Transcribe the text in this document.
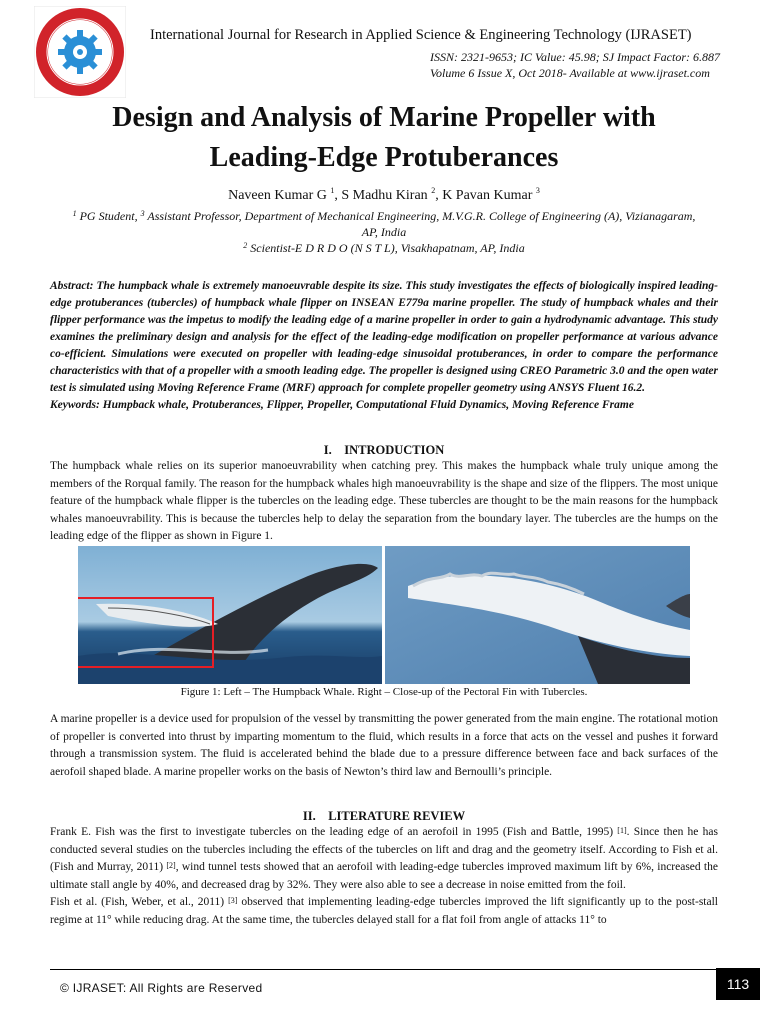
International Journal for Research in Applied Science & Engineering Technology (IJRASET)
ISSN: 2321-9653; IC Value: 45.98; SJ Impact Factor: 6.887
Volume 6 Issue X, Oct 2018- Available at www.ijraset.com
Design and Analysis of Marine Propeller with
Leading-Edge Protuberances
Naveen Kumar G $^1$, S Madhu Kiran $^2$, K Pavan Kumar $^3$
$^1$ PG Student, $^3$ Assistant Professor, Department of Mechanical Engineering, M.V.G.R. College of Engineering (A), Vizianagaram,
AP, India
$^2$ Scientist-E D R D O (N S T L), Visakhapatnam, AP, India

Abstract: The humpback whale is extremely manoeuvrable despite its size. This study investigates the effects of biologically inspired leading-edge protuberances (tubercles) of humpback whale flipper on INSEAN E779a marine propeller. The study of humpback whales and their flipper performance was the impetus to modify the leading edge of a marine propeller in order to gain a hydrodynamic advantage. This study examines the preliminary design and analysis for the effect of the leading-edge modification on propeller performance at various advance co-efficient. Simulations were executed on propeller with leading-edge sinusoidal protuberances, in order to compare the performance characteristics with that of a propeller with a smooth leading edge. The propeller is designed using CREO Parametric 3.0 and the open water test is simulated using Moving Reference Frame (MRF) approach for complete propeller geometry using ANSYS Fluent 16.2.

Keywords: Humpback whale, Protuberances, Flipper, Propeller, Computational Fluid Dynamics, Moving Reference Frame

I.    INTRODUCTION

The humpback whale relies on its superior manoeuvrability when catching prey. This makes the humpback whale truly unique among the members of the Rorqual family. The reason for the humpback whales high manoeuvrability is the shape and size of the flippers. The most unique feature of the humpback whale flipper is the tubercles on the leading edge. These tubercles are thought to be the main reasons for the humpback whales manoeuvrability. This is because the tubercles help to delay the separation from the boundary layer. The tubercles are the humps on the leading edge of the flipper as shown in Figure 1.

Figure 1: Left – The Humpback Whale. Right – Close-up of the Pectoral Fin with Tubercles.

A marine propeller is a device used for propulsion of the vessel by transmitting the power generated from the main engine. The rotational motion of propeller is converted into thrust by imparting momentum to the fluid, which results in a force that acts on the vessel and pushes it forward through a transmission system. The fluid is accelerated behind the blade due to a pressure difference between face and back surfaces of the aerofoil shaped blade. A marine propeller works on the basis of Newton’s third law and Bernoulli’s principle.

II.    LITERATURE REVIEW

Frank E. Fish was the first to investigate tubercles on the leading edge of an aerofoil in 1995 (Fish and Battle, 1995) [1]. Since then he has conducted several studies on the tubercles including the effects of the tubercles on lift and drag and the geometry itself. According to Fish et al. (Fish and Murray, 2011) [2], wind tunnel tests showed that an aerofoil with leading-edge tubercles improved maximum lift by 6%, increased the ultimate stall angle by 40%, and decreased drag by 32%. They were also able to see a decrease in noise emitted from the foil.

Fish et al. (Fish, Weber, et al., 2011) [3] observed that implementing leading-edge tubercles improved the lift significantly up to the post-stall regime at 11° while reducing drag. At the same time, the tubercles delayed stall for a flat foil from angle of attacks 11° to

© IJRASET: All Rights are Reserved	113
